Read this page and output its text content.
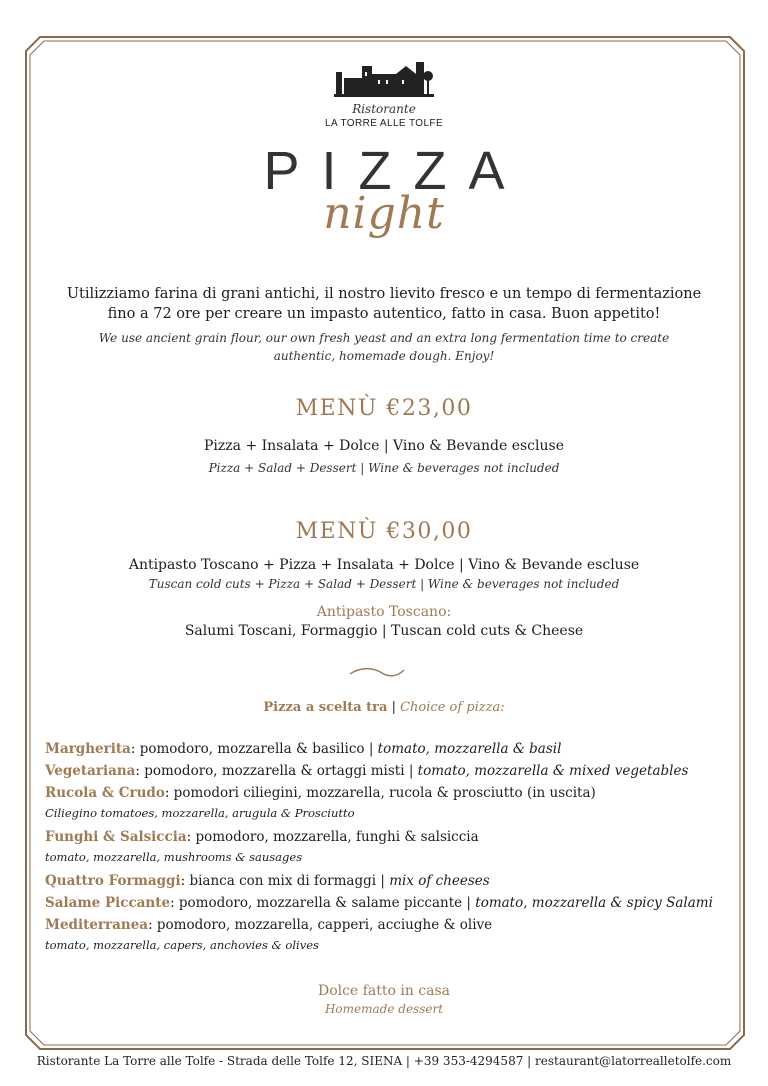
Ristorante
LA TORRE ALLE TOLFE
PIZZA
night
Utilizziamo farina di grani antichi, il nostro lievito fresco e un tempo di fermentazione
fino a 72 ore per creare un impasto autentico, fatto in casa. Buon appetito!
We use ancient grain flour, our own fresh yeast and an extra long fermentation time to create
authentic, homemade dough. Enjoy!
MENÙ €23,00
Pizza + Insalata + Dolce | Vino & Bevande escluse
Pizza + Salad + Dessert | Wine & beverages not included
MENÙ €30,00
Antipasto Toscano + Pizza + Insalata + Dolce | Vino & Bevande escluse
Tuscan cold cuts + Pizza + Salad + Dessert | Wine & beverages not included
Antipasto Toscano:
Salumi Toscani, Formaggio | Tuscan cold cuts & Cheese
Pizza a scelta tra | Choice of pizza:
Margherita: pomodoro, mozzarella & basilico | tomato, mozzarella & basil
Vegetariana: pomodoro, mozzarella & ortaggi misti | tomato, mozzarella & mixed vegetables
Rucola & Crudo: pomodori ciliegini, mozzarella, rucola & prosciutto (in uscita)
Ciliegino tomatoes, mozzarella, arugula & Prosciutto
Funghi & Salsiccia: pomodoro, mozzarella, funghi & salsiccia
tomato, mozzarella, mushrooms & sausages
Quattro Formaggi: bianca con mix di formaggi | mix of cheeses
Salame Piccante: pomodoro, mozzarella & salame piccante | tomato, mozzarella & spicy Salami
Mediterranea: pomodoro, mozzarella, capperi, acciughe & olive
tomato, mozzarella, capers, anchovies & olives
Dolce fatto in casa
Homemade dessert
Ristorante La Torre alle Tolfe - Strada delle Tolfe 12, SIENA | +39 353-4294587 | restaurant@latorrealletolfe.com
